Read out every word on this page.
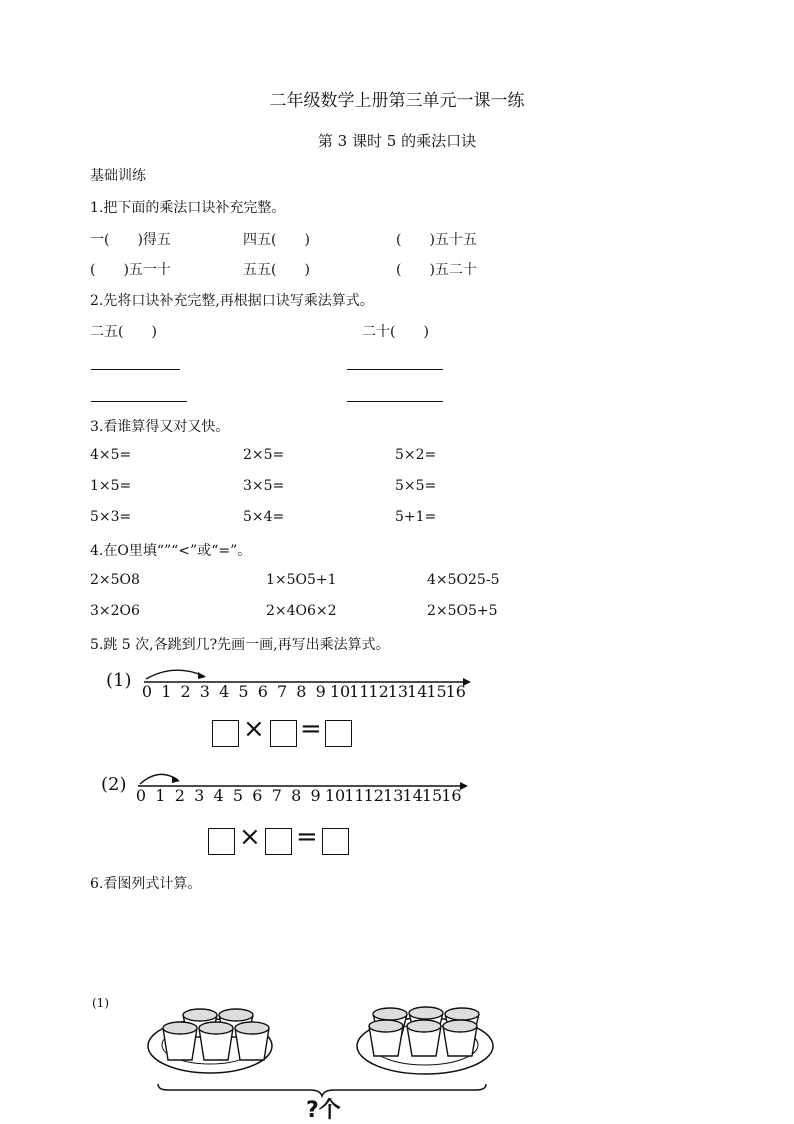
二年级数学上册第三单元一课一练
第 3 课时 5 的乘法口诀
基础训练
1.把下面的乘法口诀补充完整。
一(　　)得五	四五(　　)	(　　)五十五
(　　)五一十	五五(　　)	(　　)五二十
2.先将口诀补充完整,再根据口诀写乘法算式。
二五(　　)	二十(　　)
3.看谁算得又对又快。
4×5=	2×5=	5×2=
1×5=	3×5=	5×5=
5×3=	5×4=	5+1=
4.在O里填“”“<”或“=”。
2×5O8	1×5O5+1	4×5O25-5
3×2O6	2×4O6×2	2×5O5+5
5.跳 5 次,各跳到几?先画一画,再写出乘法算式。
(1)
0 1 2 3 4 5 6 7 8 9 10
11
12
13
14
15
16
× =
(2)
0 1 2 3 4 5 6 7 8 9 10 11 12 13 14 15 16
× =
6.看图列式计算。
(1)
?个
